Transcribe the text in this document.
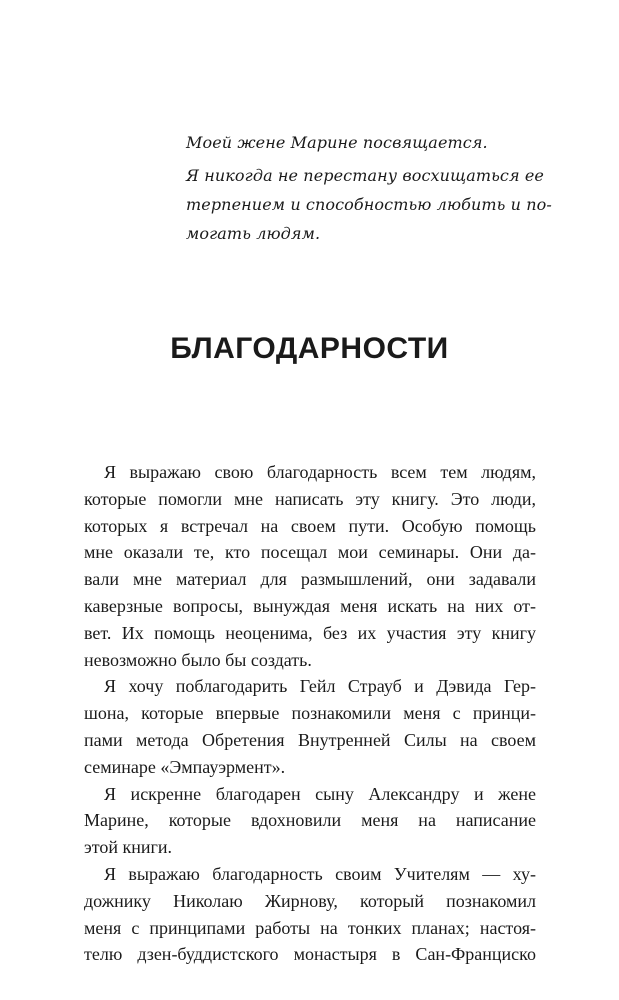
Моей жене Марине посвящается.
Я никогда не перестану восхищаться ее
терпением и способностью любить и по-
могать людям.
БЛАГОДАРНОСТИ
Я выражаю свою благодарность всем тем людям,
которые помогли мне написать эту книгу. Это люди,
которых я встречал на своем пути. Особую помощь
мне оказали те, кто посещал мои семинары. Они да-
вали мне материал для размышлений, они задавали
каверзные вопросы, вынуждая меня искать на них от-
вет. Их помощь неоценима, без их участия эту книгу
невозможно было бы создать.
Я хочу поблагодарить Гейл Страуб и Дэвида Гер-
шона, которые впервые познакомили меня с принци-
пами метода Обретения Внутренней Силы на своем
семинаре «Эмпауэрмент».
Я искренне благодарен сыну Александру и жене
Марине, которые вдохновили меня на написание
этой книги.
Я выражаю благодарность своим Учителям — ху-
дожнику Николаю Жирнову, который познакомил
меня с принципами работы на тонких планах; настоя-
телю дзен-буддистского монастыря в Сан-Франциско
